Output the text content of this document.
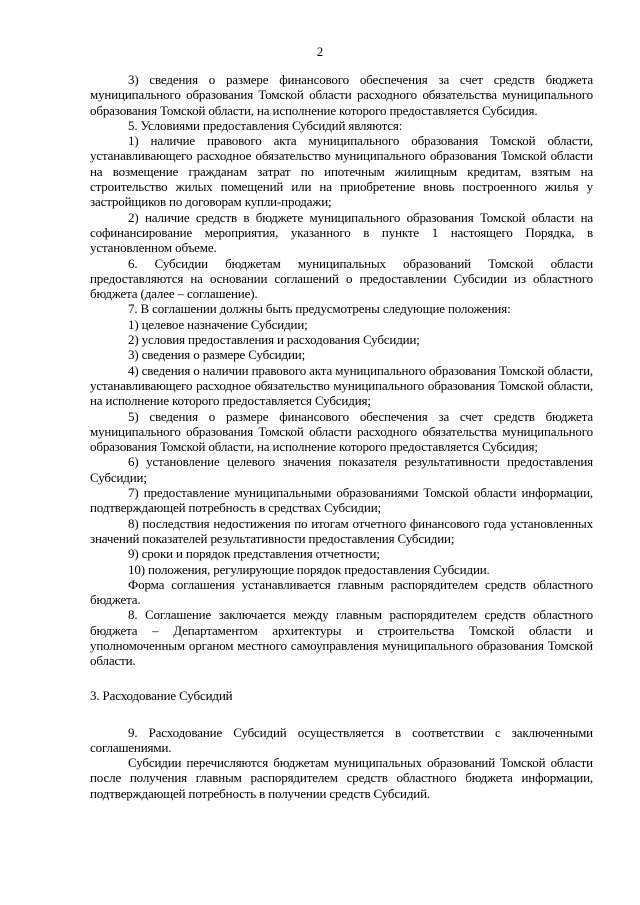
2

3) сведения о размере финансового обеспечения за счет средств бюджета муниципального образования Томской области расходного обязательства муниципального образования Томской области, на исполнение которого предоставляется Субсидия.

5. Условиями предоставления Субсидий являются:

1) наличие правового акта муниципального образования Томской области, устанавливающего расходное обязательство муниципального образования Томской области на возмещение гражданам затрат по ипотечным жилищным кредитам, взятым на строительство жилых помещений или на приобретение вновь построенного жилья у застройщиков по договорам купли-продажи;

2) наличие средств в бюджете муниципального образования Томской области на софинансирование мероприятия, указанного в пункте 1 настоящего Порядка, в установленном объеме.

6. Субсидии бюджетам муниципальных образований Томской области предоставляются на основании соглашений о предоставлении Субсидии из областного бюджета (далее – соглашение).

7. В соглашении должны быть предусмотрены следующие положения:

1) целевое назначение Субсидии;

2) условия предоставления и расходования Субсидии;

3) сведения о размере Субсидии;

4) сведения о наличии правового акта муниципального образования Томской области, устанавливающего расходное обязательство муниципального образования Томской области, на исполнение которого предоставляется Субсидия;

5) сведения о размере финансового обеспечения за счет средств бюджета муниципального образования Томской области расходного обязательства муниципального образования Томской области, на исполнение которого предоставляется Субсидия;

6) установление целевого значения показателя результативности предоставления Субсидии;

7) предоставление муниципальными образованиями Томской области информации, подтверждающей потребность в средствах Субсидии;

8) последствия недостижения по итогам отчетного финансового года установленных значений показателей результативности предоставления Субсидии;

9) сроки и порядок представления отчетности;

10) положения, регулирующие порядок предоставления Субсидии.

Форма соглашения устанавливается главным распорядителем средств областного бюджета.

8. Соглашение заключается между главным распорядителем средств областного бюджета – Департаментом архитектуры и строительства Томской области и уполномоченным органом местного самоуправления муниципального образования Томской области.

3. Расходование Субсидий

9. Расходование Субсидий осуществляется в соответствии с заключенными соглашениями.

Субсидии перечисляются бюджетам муниципальных образований Томской области после получения главным распорядителем средств областного бюджета информации, подтверждающей потребность в получении средств Субсидий.
